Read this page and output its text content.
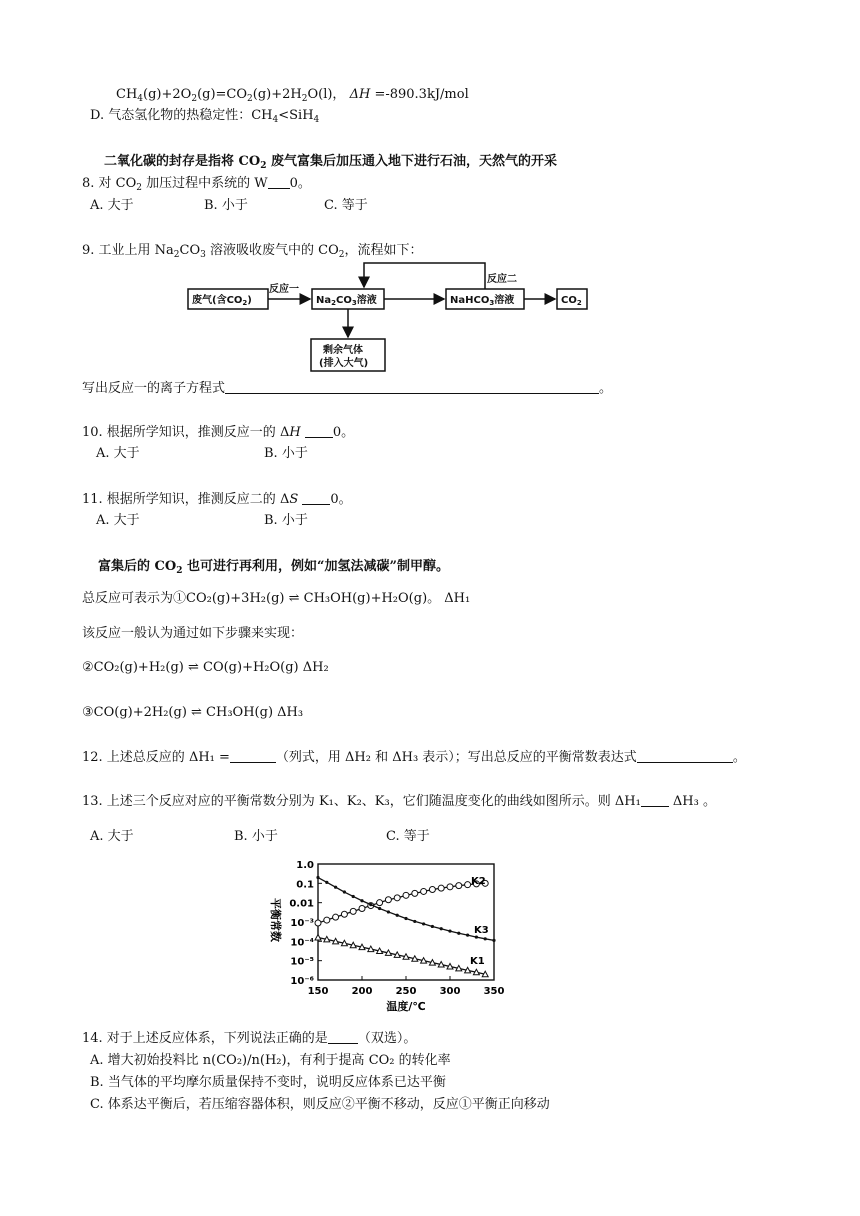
$CH_4(g)+2O_2(g)=CO_2(g)+2H_2O(l)$， ΔH =-890.3kJ/mol
D. 气态氢化物的热稳定性：$CH_4<SiH_4$
二氧化碳的封存是指将 $CO_2$ 废气富集后加压通入地下进行石油，天然气的开采
8. 对 $CO_2$ 加压过程中系统的 W 0。
A. 大于	B. 小于	C. 等于
9. 工业上用 $Na_2CO_3$ 溶液吸收废气中的 $CO_2$，流程如下：
废气(含$CO_2$)
反应一
$Na_2CO_3$溶液	NaHCO$_3$溶液
反应二
$CO_2$
剩余气体
(排入大气)
写出反应一的离子方程式	。
10. 根据所学知识，推测反应一的 ΔH 0。
A. 大于	B. 小于
11. 根据所学知识，推测反应二的 ΔS 0。
A. 大于	B. 小于
富集后的 $CO_2$ 也可进行再利用，例如“加氢法减碳”制甲醇。
总反应可表示为①CO₂(g)+3H₂(g) ⇌ CH₃OH(g)+H₂O(g)。 ΔH₁
该反应一般认为通过如下步骤来实现：
②CO₂(g)+H₂(g) ⇌ CO(g)+H₂O(g) ΔH₂
③CO(g)+2H₂(g) ⇌ CH₃OH(g) ΔH₃
12. 上述总反应的 ΔH₁ =	（列式，用 ΔH₂ 和 ΔH₃ 表示）；写出总反应的平衡常数表达式	。
13. 上述三个反应对应的平衡常数分别为 K₁、K₂、K₃，它们随温度变化的曲线如图所示。则 ΔH₁ ΔH₃ 。
A. 大于	B. 小于	C. 等于
平衡常数
温度/℃
150 200 250 300 350
1.0
0.1
0.01
10⁻³
10⁻⁴
10⁻⁵
10⁻⁶
K2
K3
K1
14. 对于上述反应体系，下列说法正确的是 （双选）。
A. 增大初始投料比 n(CO₂)/n(H₂)，有利于提高 CO₂ 的转化率
B. 当气体的平均摩尔质量保持不变时，说明反应体系已达平衡
C. 体系达平衡后，若压缩容器体积，则反应②平衡不移动，反应①平衡正向移动
